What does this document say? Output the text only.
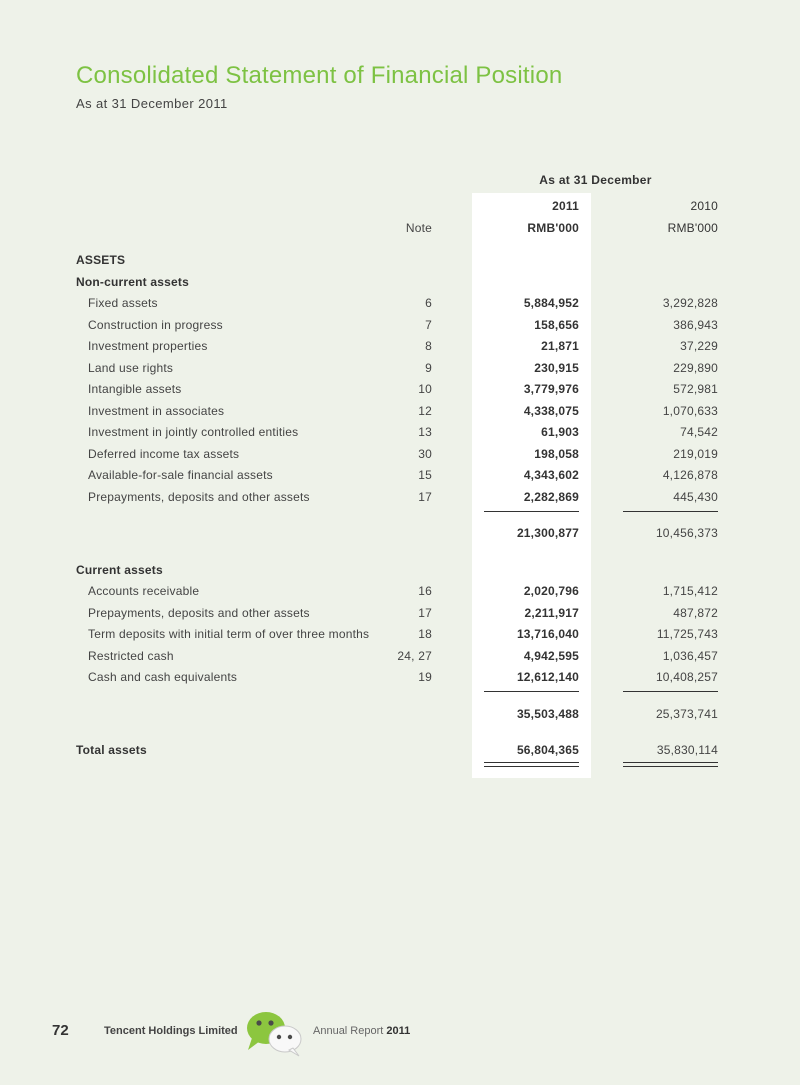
Consolidated Statement of Financial Position
As at 31 December 2011
As at 31 December
2011	2010
Note	RMB'000	RMB'000
ASSETS
Non-current assets
Fixed assets	6	5,884,952	3,292,828
Construction in progress	7	158,656	386,943
Investment properties	8	21,871	37,229
Land use rights	9	230,915	229,890
Intangible assets	10	3,779,976	572,981
Investment in associates	12	4,338,075	1,070,633
Investment in jointly controlled entities	13	61,903	74,542
Deferred income tax assets	30	198,058	219,019
Available-for-sale financial assets	15	4,343,602	4,126,878
Prepayments, deposits and other assets	17	2,282,869	445,430
21,300,877	10,456,373
Current assets
Accounts receivable	16	2,020,796	1,715,412
Prepayments, deposits and other assets	17	2,211,917	487,872
Term deposits with initial term of over three months	18	13,716,040	11,725,743
Restricted cash	24, 27	4,942,595	1,036,457
Cash and cash equivalents	19	12,612,140	10,408,257
35,503,488	25,373,741
Total assets	56,804,365	35,830,114
72	Tencent Holdings Limited	Annual Report 2011
